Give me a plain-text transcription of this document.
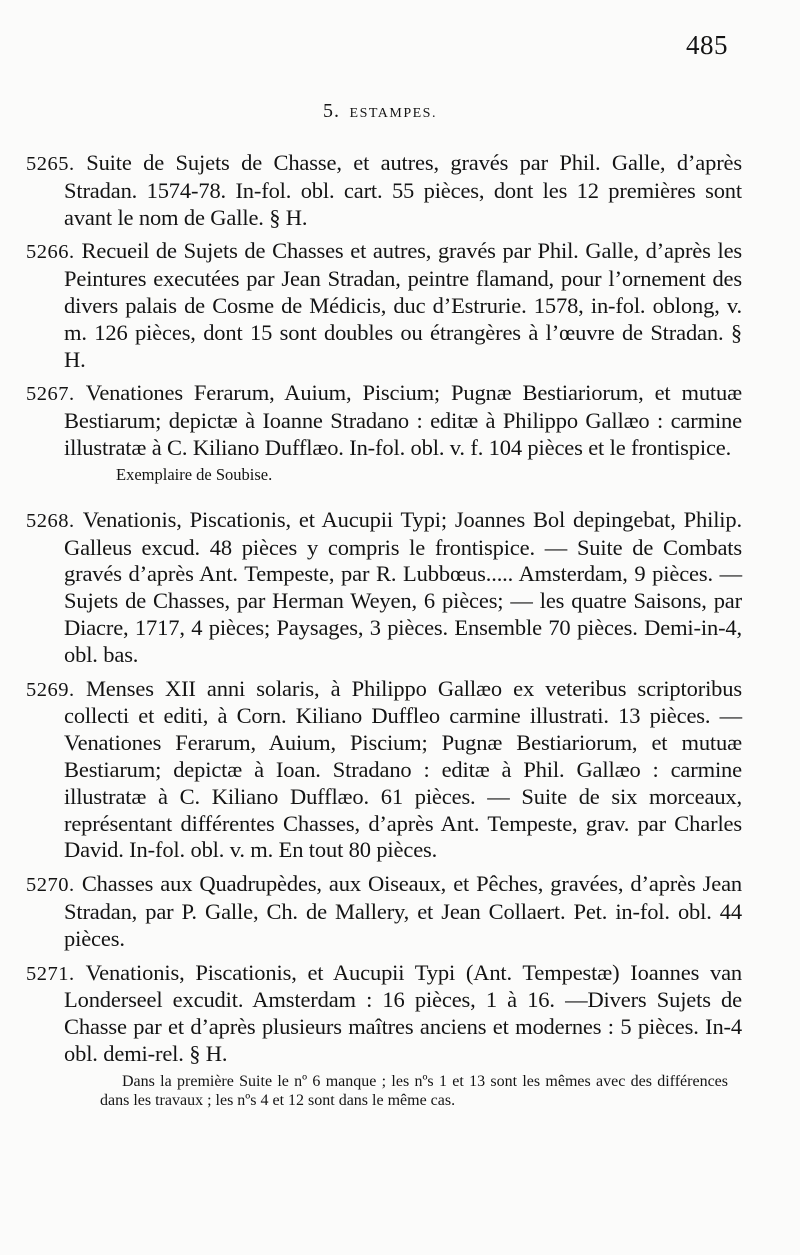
485
5. ESTAMPES.
5265. Suite de Sujets de Chasse, et autres, gravés par Phil. Galle, d’après Stradan. 1574-78. In-fol. obl. cart. 55 pièces, dont les 12 premières sont avant le nom de Galle. § H.
5266. Recueil de Sujets de Chasses et autres, gravés par Phil. Galle, d’après les Peintures executées par Jean Stradan, peintre flamand, pour l’ornement des divers palais de Cosme de Médicis, duc d’Estrurie. 1578, in-fol. oblong, v. m. 126 pièces, dont 15 sont doubles ou étrangères à l’œuvre de Stradan. § H.
5267. Venationes Ferarum, Auium, Piscium; Pugnæ Bestiariorum, et mutuæ Bestiarum; depictæ à Ioanne Stradano : editæ à Philippo Gallæo : carmine illustratæ à C. Kiliano Dufflæo. In-fol. obl. v. f. 104 pièces et le frontispice.
Exemplaire de Soubise.
5268. Venationis, Piscationis, et Aucupii Typi; Joannes Bol depingebat, Philip. Galleus excud. 48 pièces y compris le frontispice. — Suite de Combats gravés d’après Ant. Tempeste, par R. Lubbœus..... Amsterdam, 9 pièces. — Sujets de Chasses, par Herman Weyen, 6 pièces; — les quatre Saisons, par Diacre, 1717, 4 pièces; Paysages, 3 pièces. Ensemble 70 pièces. Demi-in-4, obl. bas.
5269. Menses XII anni solaris, à Philippo Gallæo ex veteribus scriptoribus collecti et editi, à Corn. Kiliano Duffleo carmine illustrati. 13 pièces. — Venationes Ferarum, Auium, Piscium; Pugnæ Bestiariorum, et mutuæ Bestiarum; depictæ à Ioan. Stradano : editæ à Phil. Gallæo : carmine illustratæ à C. Kiliano Dufflæo. 61 pièces. — Suite de six morceaux, représentant différentes Chasses, d’après Ant. Tempeste, grav. par Charles David. In-fol. obl. v. m. En tout 80 pièces.
5270. Chasses aux Quadrupèdes, aux Oiseaux, et Pêches, gravées, d’après Jean Stradan, par P. Galle, Ch. de Mallery, et Jean Collaert. Pet. in-fol. obl. 44 pièces.
5271. Venationis, Piscationis, et Aucupii Typi (Ant. Tempestæ) Ioannes van Londerseel excudit. Amsterdam : 16 pièces, 1 à 16. —Divers Sujets de Chasse par et d’après plusieurs maîtres anciens et modernes : 5 pièces. In-4 obl. demi-rel. § H.
Dans la première Suite le nº 6 manque ; les nºs 1 et 13 sont les mêmes avec des différences dans les travaux ; les nºs 4 et 12 sont dans le même cas.
